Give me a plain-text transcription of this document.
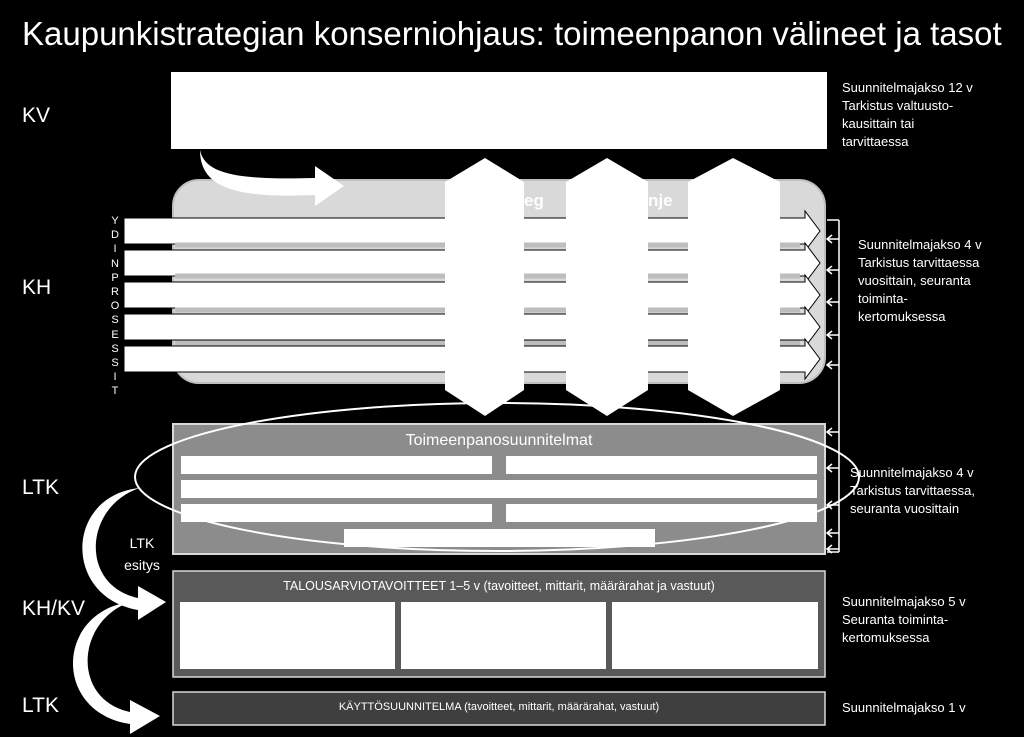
Kaupunkistrategian konserniohjaus: toimeenpanon välineet ja tasot
KV
KH
LTK
KH/KV
LTK
eg	nje
Y
D
I
N
P
R
O
S
E
S
S
I
T
Toimeenpanosuunnitelmat
LTK esitys
TALOUSARVIOTAVOITTEET 1–5 v (tavoitteet, mittarit, määrärahat ja vastuut)
KÄYTTÖSUUNNITELMA (tavoitteet, mittarit, määrärahat, vastuut)
Suunnitelmajakso 12 v
Tarkistus valtuusto-
kausittain tai
tarvittaessa
Suunnitelmajakso 4 v
Tarkistus tarvittaessa
vuosittain, seuranta
toiminta-
kertomuksessa
Suunnitelmajakso 4 v
Tarkistus tarvittaessa,
seuranta vuosittain
Suunnitelmajakso 5 v
Seuranta toiminta-
kertomuksessa
Suunnitelmajakso 1 v
